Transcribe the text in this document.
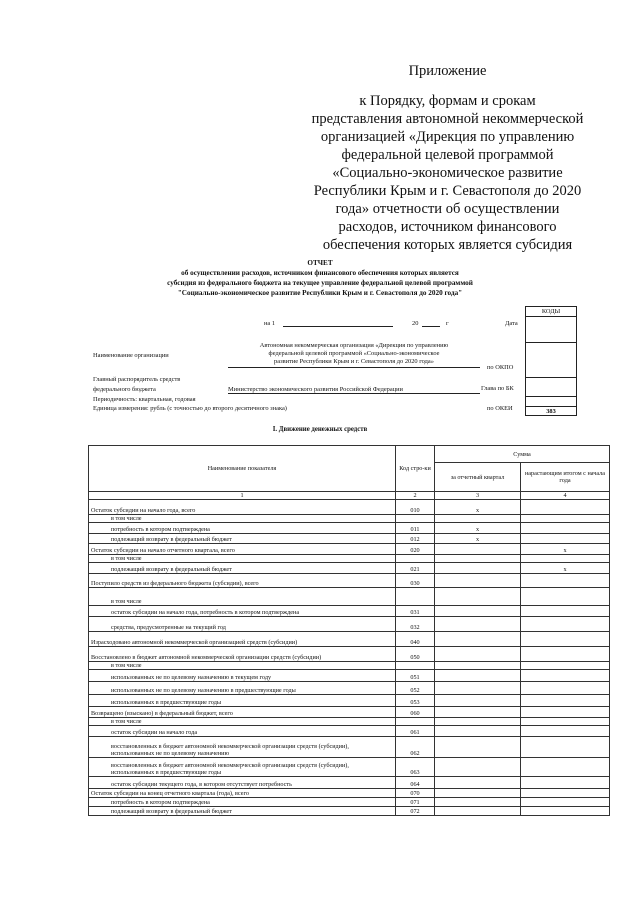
Приложение
к Порядку, формам и срокам
представления автономной некоммерческой
организацией «Дирекция по управлению
федеральной целевой программой
«Социально-экономическое развитие
Республики Крым и г. Севастополя до 2020
года» отчетности об осуществлении
расходов, источником финансового
обеспечения которых является субсидия
ОТЧЕТ
об осуществлении расходов, источником финансового обеспечения которых является
субсидия из федерального бюджета на текущее управление федеральной целевой программой
"Социально-экономическое развитие Республики Крым и г. Севастополя до 2020 года"
КОДЫ

383
на 1	20	г	Дата
Наименование организации
Автономная некоммерческая организация «Дирекция по управлению
федеральной целевой программой «Социально-экономическое
развитие Республики Крым и г. Севастополя до 2020 года»
по ОКПО
Главный распорядитель средств
федерального бюджета	Министерство экономического развития Российской Федерации	Глава по БК
Периодичность: квартальная, годовая
Единица измерения: рубль (с точностью до второго десятичного знака)	по ОКЕИ
I. Движение денежных средств
Наименование показателя	Код стро-ки	Сумма	
		за отчетный квартал	нарастающим итогом с начала года
1	2	3	4
Остаток субсидии на начало года, всего	010	x	
в том числе			
потребность в котором подтверждена	011	x	
подлежащий возврату в федеральный бюджет	012	x	
Остаток субсидии на начало отчетного квартала, всего	020		x
в том числе			
подлежащий возврату в федеральный бюджет	021		x
Поступило средств из федерального бюджета (субсидии), всего	030		
в том числе			
остаток субсидии на начало года, потребность в котором подтверждена	031		
средства, предусмотренные на текущий год	032		
Израсходовано автономной некоммерческой организацией средств (субсидии)	040		
Восстановлено в бюджет автономной некоммерческой организации средств (субсидии)	050		
в том числе			
использованных не по целевому назначению в текущем году	051		
использованных не по целевому назначению в предшествующие годы	052		
использованных в предшествующие годы	053		
Возвращено (взыскано) в федеральный бюджет, всего	060		
в том числе			
остаток субсидии на начало года	061		
восстановленных в бюджет автономной некоммерческой организации средств (субсидии), использованных не по целевому назначению	062		
восстановленных в бюджет автономной некоммерческой организации средств (субсидии), использованных в предшествующие годы	063		
остаток субсидии текущего года, в котором отсутствует потребность	064		
Остаток субсидии на конец отчетного квартала (года), всего	070		
потребность в котором подтверждена	071		
подлежащий возврату в федеральный бюджет	072		
